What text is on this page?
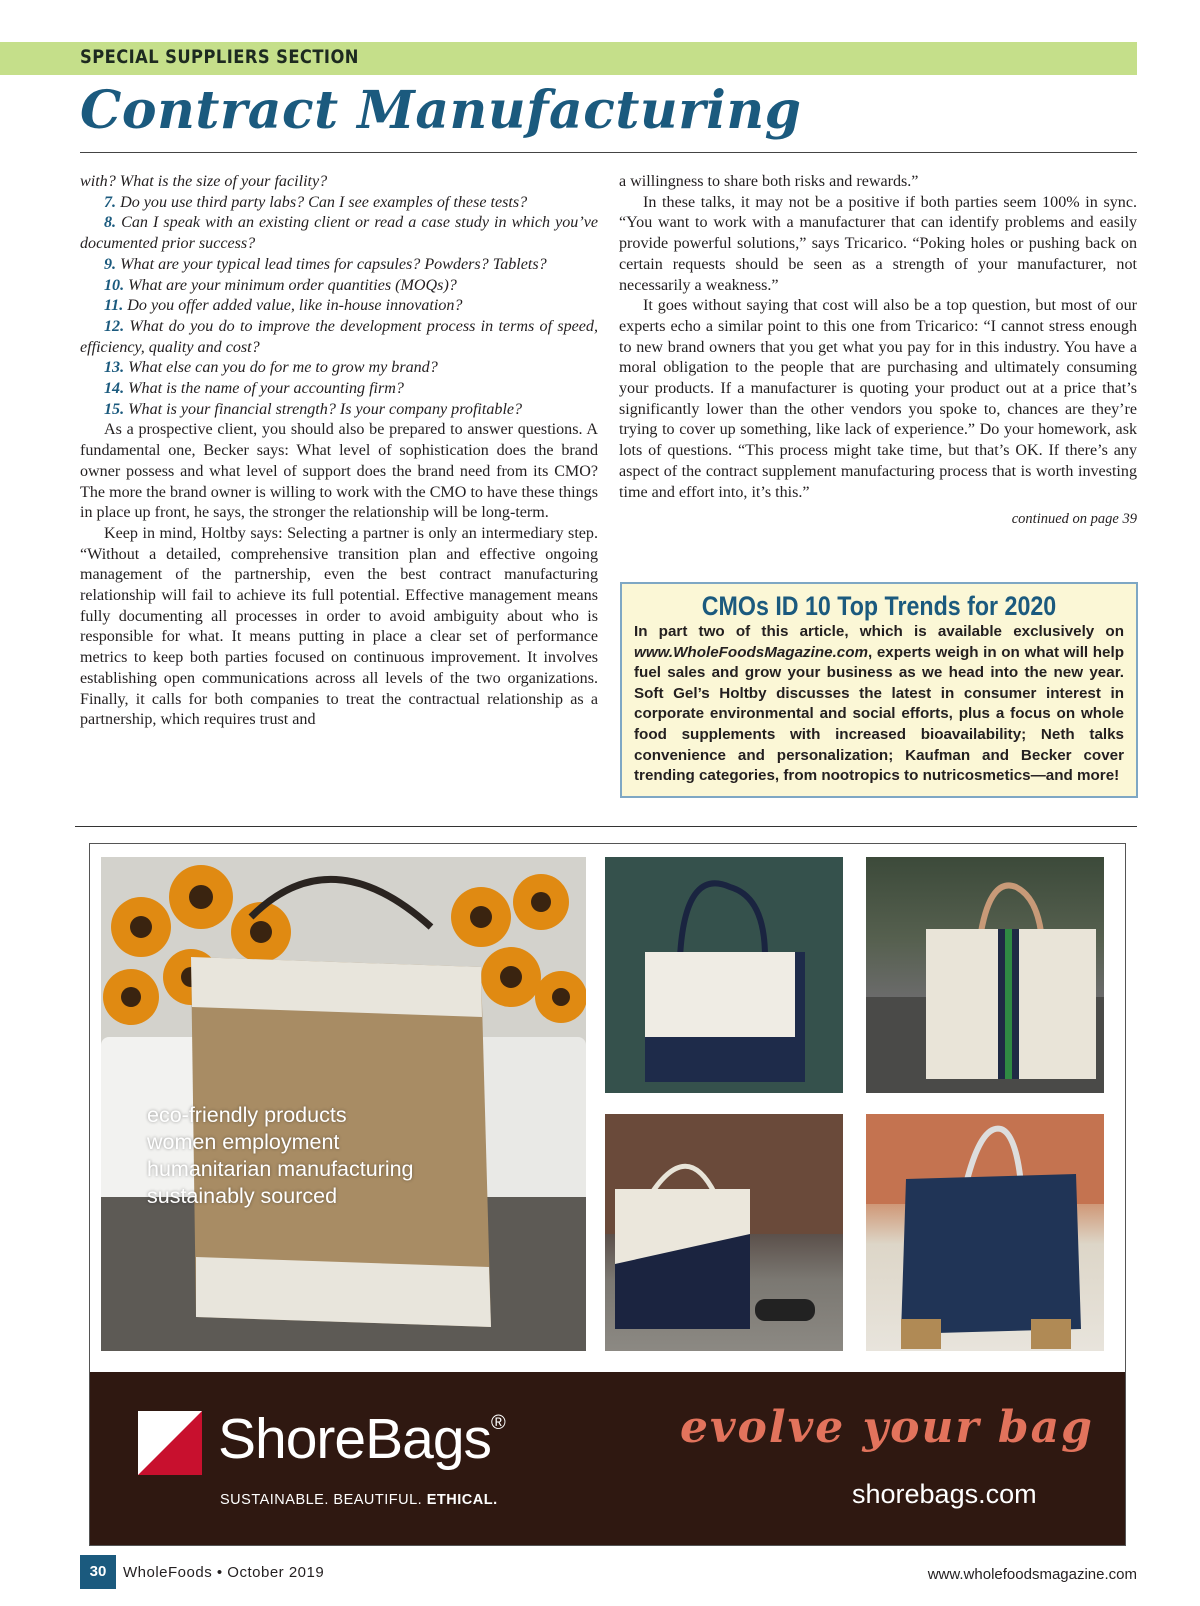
SPECIAL SUPPLIERS SECTION
Contract Manufacturing

with? What is the size of your facility?

7. Do you use third party labs? Can I see examples of these tests?

8. Can I speak with an existing client or read a case study in which you’ve documented prior success?

9. What are your typical lead times for capsules? Powders? Tablets?

10. What are your minimum order quantities (MOQs)?

11. Do you offer added value, like in-house innovation?

12. What do you do to improve the development process in terms of speed, efficiency, quality and cost?

13. What else can you do for me to grow my brand?

14. What is the name of your accounting firm?

15. What is your financial strength? Is your company profitable?

As a prospective client, you should also be prepared to answer questions. A fundamental one, Becker says: What level of sophistication does the brand owner possess and what level of support does the brand need from its CMO? The more the brand owner is willing to work with the CMO to have these things in place up front, he says, the stronger the relationship will be long-term.

Keep in mind, Holtby says: Selecting a partner is only an intermediary step. “Without a detailed, comprehensive transition plan and effective ongoing management of the partnership, even the best contract manufacturing relationship will fail to achieve its full potential. Effective management means fully documenting all processes in order to avoid ambiguity about who is responsible for what. It means putting in place a clear set of performance metrics to keep both parties focused on continuous improvement. It involves establishing open communications across all levels of the two organizations. Finally, it calls for both companies to treat the contractual relationship as a partnership, which requires trust and

a willingness to share both risks and rewards.”

In these talks, it may not be a positive if both parties seem 100% in sync. “You want to work with a manufacturer that can identify problems and easily provide powerful solutions,” says Tricarico. “Poking holes or pushing back on certain requests should be seen as a strength of your manufacturer, not necessarily a weakness.”

It goes without saying that cost will also be a top question, but most of our experts echo a similar point to this one from Tricarico: “I cannot stress enough to new brand owners that you get what you pay for in this industry. You have a moral obligation to the people that are purchasing and ultimately consuming your products. If a manufacturer is quoting your product out at a price that’s significantly lower than the other vendors you spoke to, chances are they’re trying to cover up something, like lack of experience.” Do your homework, ask lots of questions. “This process might take time, but that’s OK. If there’s any aspect of the contract supplement manufacturing process that is worth investing time and effort into, it’s this.”

continued on page 39

CMOs ID 10 Top Trends for 2020

In part two of this article, which is available exclusively on www.WholeFoodsMagazine.com, experts weigh in on what will help fuel sales and grow your business as we head into the new year. Soft Gel’s Holtby discusses the latest in consumer interest in corporate environmental and social efforts, plus a focus on whole food supplements with increased bioavailability; Neth talks convenience and personalization; Kaufman and Becker cover trending categories, from nootropics to nutricosmetics—and more!

eco-friendly products
women employment
humanitarian manufacturing
sustainably sourced
ShoreBags®
SUSTAINABLE. BEAUTIFUL. ETHICAL.
evolve your bag
shorebags.com
30	WholeFoods • October 2019	www.wholefoodsmagazine.com
